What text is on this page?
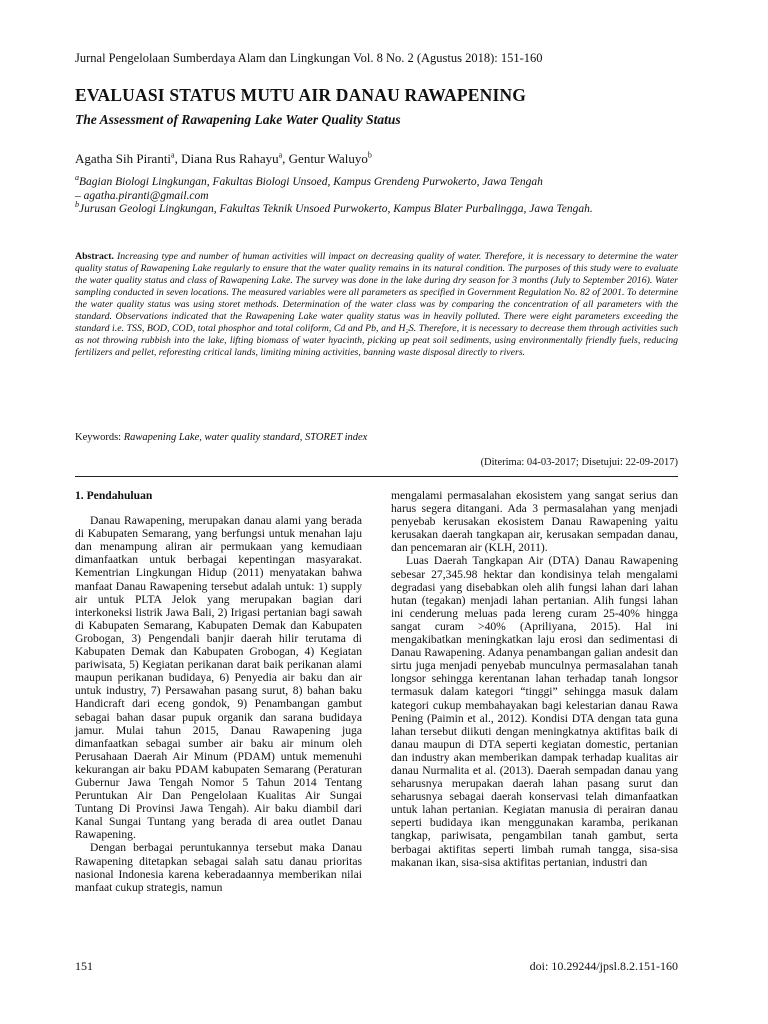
Jurnal Pengelolaan Sumberdaya Alam dan Lingkungan Vol. 8 No. 2 (Agustus 2018): 151-160
EVALUASI STATUS MUTU AIR DANAU RAWAPENING
The Assessment of Rawapening Lake Water Quality Status
Agatha Sih Piranti$^a$, Diana Rus Rahayu$^a$, Gentur Waluyo$^b$
$^a$Bagian Biologi Lingkungan, Fakultas Biologi Unsoed, Kampus Grendeng Purwokerto, Jawa Tengah
– agatha.piranti@gmail.com
$^b$Jurusan Geologi Lingkungan, Fakultas Teknik Unsoed Purwokerto, Kampus Blater Purbalingga, Jawa Tengah.
Abstract. Increasing type and number of human activities will impact on decreasing quality of water. Therefore, it is necessary to determine the water quality status of Rawapening Lake regularly to ensure that the water quality remains in its natural condition. The purposes of this study were to evaluate the water quality status and class of Rawapening Lake. The survey was done in the lake during dry season for 3 months (July to September 2016). Water sampling conducted in seven locations. The measured variables were all parameters as specified in Government Regulation No. 82 of 2001. To determine the water quality status was using storet methods. Determination of the water class was by comparing the concentration of all parameters with the standard. Observations indicated that the Rawapening Lake water quality status was in heavily polluted. There were eight parameters exceeding the standard i.e. TSS, BOD, COD, total phosphor and total coliform, Cd and Pb, and H₂S. Therefore, it is necessary to decrease them through activities such as not throwing rubbish into the lake, lifting biomass of water hyacinth, picking up peat soil sediments, using environmentally friendly fuels, reducing fertilizers and pellet, reforesting critical lands, limiting mining activities, banning waste disposal directly to rivers.
Keywords: Rawapening Lake, water quality standard, STORET index
(Diterima: 04-03-2017; Disetujui: 22-09-2017)

1. Pendahuluan

Danau Rawapening, merupakan danau alami yang berada di Kabupaten Semarang, yang berfungsi untuk menahan laju dan menampung aliran air permukaan yang kemudiaan dimanfaatkan untuk berbagai kepentingan masyarakat. Kementrian Lingkungan Hidup (2011) menyatakan bahwa manfaat Danau Rawapening tersebut adalah untuk: 1) supply air untuk PLTA Jelok yang merupakan bagian dari interkoneksi listrik Jawa Bali, 2) Irigasi pertanian bagi sawah di Kabupaten Semarang, Kabupaten Demak dan Kabupaten Grobogan, 3) Pengendali banjir daerah hilir terutama di Kabupaten Demak dan Kabupaten Grobogan, 4) Kegiatan pariwisata, 5) Kegiatan perikanan darat baik perikanan alami maupun perikanan budidaya, 6) Penyedia air baku dan air untuk industry, 7) Persawahan pasang surut, 8) bahan baku Handicraft dari eceng gondok, 9) Penambangan gambut sebagai bahan dasar pupuk organik dan sarana budidaya jamur. Mulai tahun 2015, Danau Rawapening juga dimanfaatkan sebagai sumber air baku air minum oleh Perusahaan Daerah Air Minum (PDAM) untuk memenuhi kekurangan air baku PDAM kabupaten Semarang (Peraturan Gubernur Jawa Tengah Nomor 5 Tahun 2014 Tentang Peruntukan Air Dan Pengelolaan Kualitas Air Sungai Tuntang Di Provinsi Jawa Tengah). Air baku diambil dari Kanal Sungai Tuntang yang berada di area outlet Danau Rawapening.

Dengan berbagai peruntukannya tersebut maka Danau Rawapening ditetapkan sebagai salah satu danau prioritas nasional Indonesia karena keberadaannya memberikan nilai manfaat cukup strategis, namun

mengalami permasalahan ekosistem yang sangat serius dan harus segera ditangani. Ada 3 permasalahan yang menjadi penyebab kerusakan ekosistem Danau Rawapening yaitu kerusakan daerah tangkapan air, kerusakan sempadan danau, dan pencemaran air (KLH, 2011).

Luas Daerah Tangkapan Air (DTA) Danau Rawapening sebesar 27,345.98 hektar dan kondisinya telah mengalami degradasi yang disebabkan oleh alih fungsi lahan dari lahan hutan (tegakan) menjadi lahan pertanian. Alih fungsi lahan ini cenderung meluas pada lereng curam 25-40% hingga sangat curam >40% (Apriliyana, 2015). Hal ini mengakibatkan meningkatkan laju erosi dan sedimentasi di Danau Rawapening. Adanya penambangan galian andesit dan sirtu juga menjadi penyebab munculnya permasalahan tanah longsor sehingga kerentanan lahan terhadap tanah longsor termasuk dalam kategori “tinggi” sehingga masuk dalam kategori cukup membahayakan bagi kelestarian danau Rawa Pening (Paimin et al., 2012). Kondisi DTA dengan tata guna lahan tersebut diikuti dengan meningkatnya aktifitas baik di danau maupun di DTA seperti kegiatan domestic, pertanian dan industry akan memberikan dampak terhadap kualitas air danau Nurmalita et al. (2013). Daerah sempadan danau yang seharusnya merupakan daerah lahan pasang surut dan seharusnya sebagai daerah konservasi telah dimanfaatkan untuk lahan pertanian. Kegiatan manusia di perairan danau seperti budidaya ikan menggunakan karamba, perikanan tangkap, pariwisata, pengambilan tanah gambut, serta berbagai aktifitas seperti limbah rumah tangga, sisa-sisa makanan ikan, sisa-sisa aktifitas pertanian, industri dan

151	doi: 10.29244/jpsl.8.2.151-160
